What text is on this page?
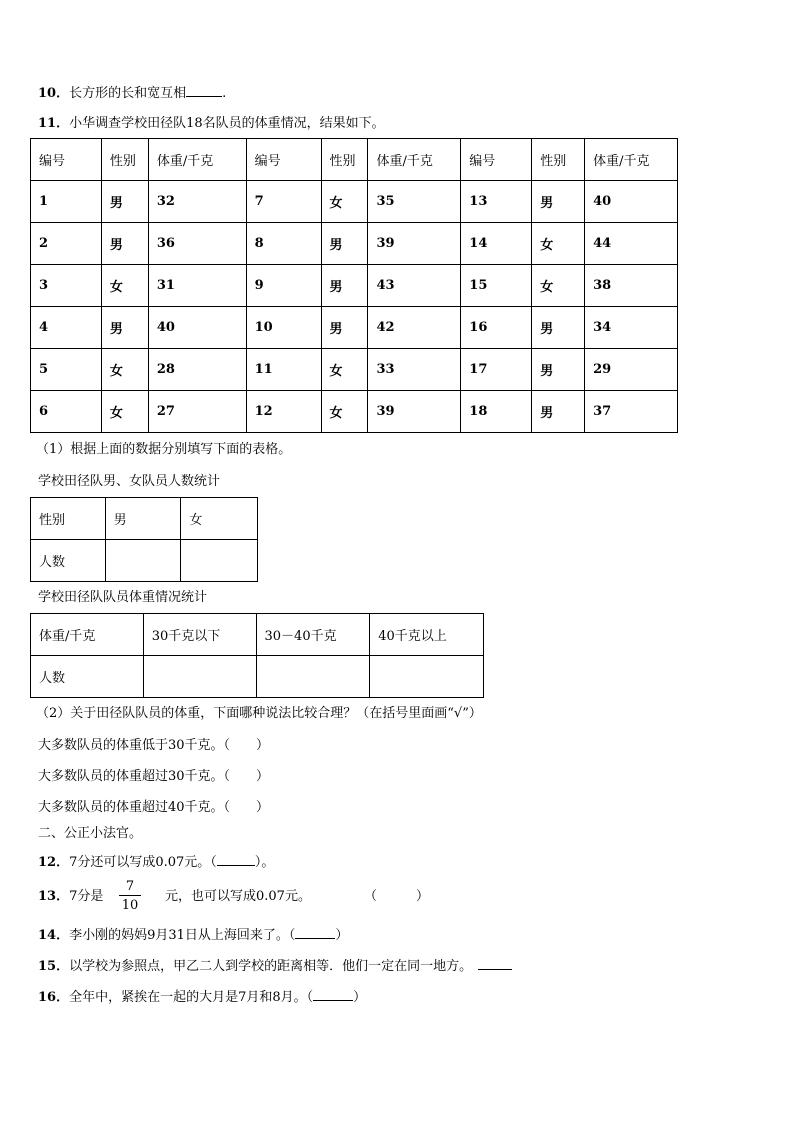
10．长方形的长和宽互相	.
11．小华调查学校田径队18名队员的体重情况，结果如下。
编号	性别	体重/千克	编号	性别	体重/千克	编号	性别	体重/千克
1	男	32	7	女	35	13	男	40
2	男	36	8	男	39	14	女	44
3	女	31	9	男	43	15	女	38
4	男	40	10	男	42	16	男	34
5	女	28	11	女	33	17	男	29
6	女	27	12	女	39	18	男	37
（1）根据上面的数据分别填写下面的表格。
学校田径队男、女队员人数统计
性别	男	女
人数		
学校田径队队员体重情况统计
体重/千克	30千克以下	30－40千克	40千克以上
人数			
（2）关于田径队队员的体重，下面哪种说法比较合理？（在括号里面画“√”）
大多数队员的体重低于30千克。（　　）
大多数队员的体重超过30千克。（　　）
大多数队员的体重超过40千克。（　　）
二、公正小法官。
12．7分还可以写成0.07元。（	）。
13．7分是
7
10
元，也可以写成0.07元。	（　　　）
14．李小刚的妈妈9月31日从上海回来了。（	）
15．以学校为参照点，甲乙二人到学校的距离相等．他们一定在同一地方。
16．全年中，紧挨在一起的大月是7月和8月。（	）
